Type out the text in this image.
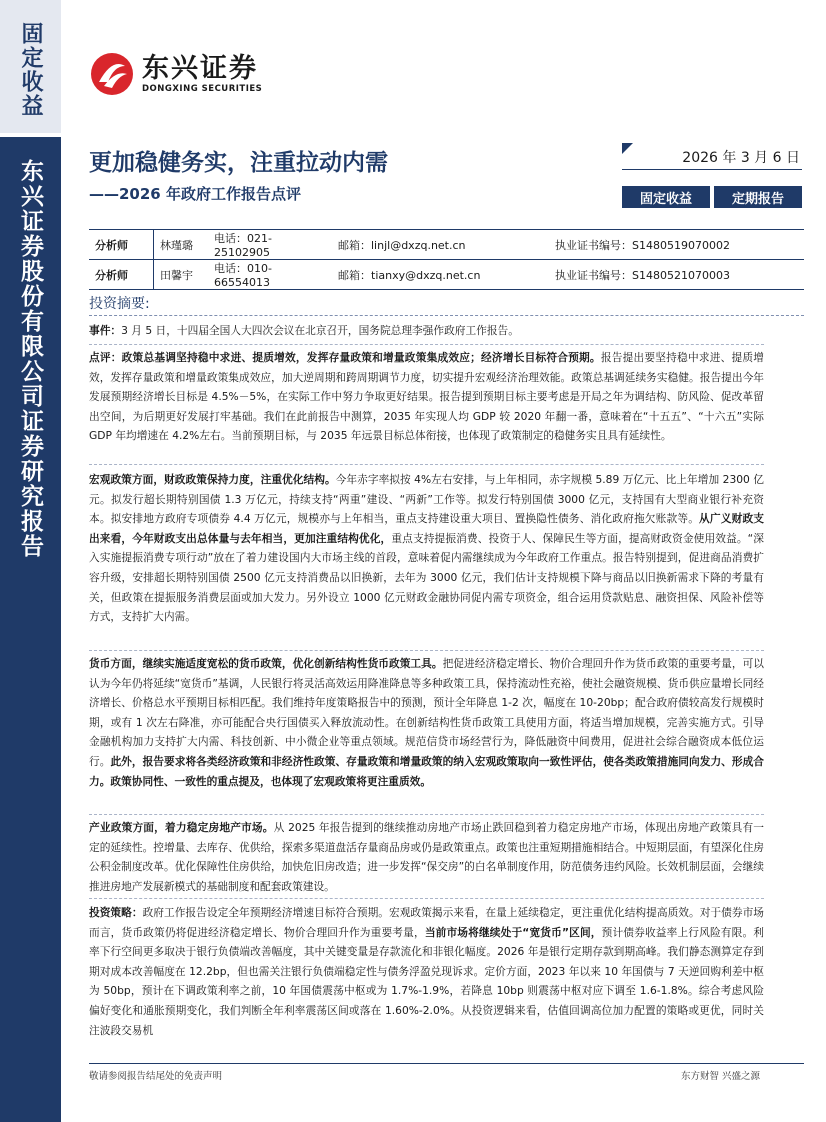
固定收益
东兴证券股份有限公司证券研究报告
东兴证券
DONGXING SECURITIES
更加稳健务实，注重拉动内需
——2026 年政府工作报告点评
2026 年 3 月 6 日
固定收益	定期报告
分析师	林瑾璐	电话：021-25102905	邮箱：linjl@dxzq.net.cn	执业证书编号：S1480519070002
分析师	田馨宇	电话：010-66554013	邮箱：tianxy@dxzq.net.cn	执业证书编号：S1480521070003
投资摘要:
事件：3 月 5 日，十四届全国人大四次会议在北京召开，国务院总理李强作政府工作报告。
点评：政策总基调坚持稳中求进、提质增效，发挥存量政策和增量政策集成效应；经济增长目标符合预期。报告提出要坚持稳中求进、提质增效，发挥存量政策和增量政策集成效应，加大逆周期和跨周期调节力度，切实提升宏观经济治理效能。政策总基调延续务实稳健。报告提出今年发展预期经济增长目标是 4.5%－5%，在实际工作中努力争取更好结果。报告提到预期目标主要考虑是开局之年为调结构、防风险、促改革留出空间，为后期更好发展打牢基础。我们在此前报告中测算，2035 年实现人均 GDP 较 2020 年翻一番，意味着在“十五五”、“十六五”实际 GDP 年均增速在 4.2%左右。当前预期目标，与 2035 年远景目标总体衔接，也体现了政策制定的稳健务实且具有延续性。
宏观政策方面，财政政策保持力度，注重优化结构。今年赤字率拟按 4%左右安排，与上年相同，赤字规模 5.89 万亿元、比上年增加 2300 亿元。拟发行超长期特别国债 1.3 万亿元，持续支持“两重”建设、“两新”工作等。拟发行特别国债 3000 亿元，支持国有大型商业银行补充资本。拟安排地方政府专项债券 4.4 万亿元，规模亦与上年相当，重点支持建设重大项目、置换隐性债务、消化政府拖欠账款等。从广义财政支出来看，今年财政支出总体量与去年相当，更加注重结构优化，重点支持提振消费、投资于人、保障民生等方面，提高财政资金使用效益。“深入实施提振消费专项行动”放在了着力建设国内大市场主线的首段，意味着促内需继续成为今年政府工作重点。报告特别提到，促进商品消费扩容升级，安排超长期特别国债 2500 亿元支持消费品以旧换新，去年为 3000 亿元，我们估计支持规模下降与商品以旧换新需求下降的考量有关，但政策在提振服务消费层面或加大发力。另外设立 1000 亿元财政金融协同促内需专项资金，组合运用贷款贴息、融资担保、风险补偿等方式，支持扩大内需。
货币方面，继续实施适度宽松的货币政策，优化创新结构性货币政策工具。把促进经济稳定增长、物价合理回升作为货币政策的重要考量，可以认为今年仍将延续“宽货币”基调，人民银行将灵活高效运用降准降息等多种政策工具，保持流动性充裕，使社会融资规模、货币供应量增长同经济增长、价格总水平预期目标相匹配。我们维持年度策略报告中的预测，预计全年降息 1-2 次，幅度在 10-20bp；配合政府债较高发行规模时期，或有 1 次左右降准，亦可能配合央行国债买入释放流动性。在创新结构性货币政策工具使用方面，将适当增加规模，完善实施方式。引导金融机构加力支持扩大内需、科技创新、中小微企业等重点领域。规范信贷市场经营行为，降低融资中间费用，促进社会综合融资成本低位运行。此外，报告要求将各类经济政策和非经济性政策、存量政策和增量政策的纳入宏观政策取向一致性评估，使各类政策措施同向发力、形成合力。政策协同性、一致性的重点提及，也体现了宏观政策将更注重质效。
产业政策方面，着力稳定房地产市场。从 2025 年报告提到的继续推动房地产市场止跌回稳到着力稳定房地产市场，体现出房地产政策具有一定的延续性。控增量、去库存、优供给，探索多渠道盘活存量商品房或仍是政策重点。政策也注重短期措施相结合。中短期层面，有望深化住房公积金制度改革。优化保障性住房供给，加快危旧房改造；进一步发挥“保交房”的白名单制度作用，防范债务违约风险。长效机制层面，会继续推进房地产发展新模式的基础制度和配套政策建设。
投资策略：政府工作报告设定全年预期经济增速目标符合预期。宏观政策揭示来看，在量上延续稳定，更注重优化结构提高质效。对于债券市场而言，货币政策仍将促进经济稳定增长、物价合理回升作为重要考量，当前市场将继续处于“宽货币”区间，预计债券收益率上行风险有限。利率下行空间更多取决于银行负债端改善幅度，其中关键变量是存款流化和非银化幅度。2026 年是银行定期存款到期高峰。我们静态测算定存到期对成本改善幅度在 12.2bp，但也需关注银行负债端稳定性与债务浮盈兑现诉求。定价方面，2023 年以来 10 年国债与 7 天逆回购利差中枢为 50bp，预计在下调政策利率之前，10 年国债震荡中枢或为 1.7%-1.9%，若降息 10bp 则震荡中枢对应下调至 1.6-1.8%。综合考虑风险偏好变化和通胀预期变化，我们判断全年利率震荡区间或落在 1.60%-2.0%。从投资逻辑来看，估值回调高位加力配置的策略或更优，同时关注波段交易机
敬请参阅报告结尾处的免责声明	东方财智 兴盛之源
